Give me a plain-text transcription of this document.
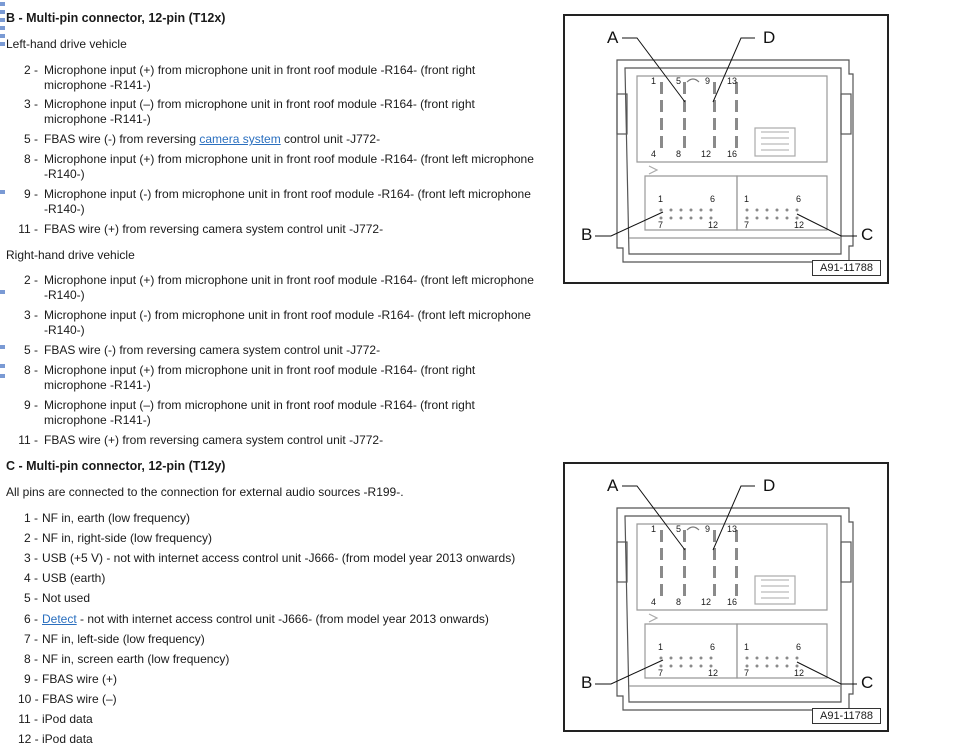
B - Multi-pin connector, 12-pin (T12x)
Left-hand drive vehicle
2 - Microphone input (+) from microphone unit in front roof module -R164- (front right microphone -R141-)
3 - Microphone input (–) from microphone unit in front roof module -R164- (front right microphone -R141-)
5 - FBAS wire (-) from reversing camera system control unit -J772-
8 - Microphone input (+) from microphone unit in front roof module -R164- (front left microphone -R140-)
9 - Microphone input (-) from microphone unit in front roof module -R164- (front left microphone -R140-)
11 - FBAS wire (+) from reversing camera system control unit -J772-
Right-hand drive vehicle
2 - Microphone input (+) from microphone unit in front roof module -R164- (front left microphone -R140-)
3 - Microphone input (-) from microphone unit in front roof module -R164- (front left microphone -R140-)
5 - FBAS wire (-) from reversing camera system control unit -J772-
8 - Microphone input (+) from microphone unit in front roof module -R164- (front right microphone -R141-)
9 - Microphone input (–) from microphone unit in front roof module -R164- (front right microphone -R141-)
11 - FBAS wire (+) from reversing camera system control unit -J772-
C - Multi-pin connector, 12-pin (T12y)
All pins are connected to the connection for external audio sources -R199-.
1 - NF in, earth (low frequency)
2 - NF in, right-side (low frequency)
3 - USB (+5 V) - not with internet access control unit -J666- (from model year 2013 onwards)
4 - USB (earth)
5 - Not used
6 - Detect - not with internet access control unit -J666- (from model year 2013 onwards)
7 - NF in, left-side (low frequency)
8 - NF in, screen earth (low frequency)
9 - FBAS wire (+)
10 - FBAS wire (–)
11 - iPod data
12 - iPod data
A	D
B	C
1 5	9 13
4 8 12 16
1	6	1	6
7	12	7	12
A91-11788
A	D
B	C
1 5	9 13
4 8 12 16
1	6	1	6
7	12	7	12
A91-11788
